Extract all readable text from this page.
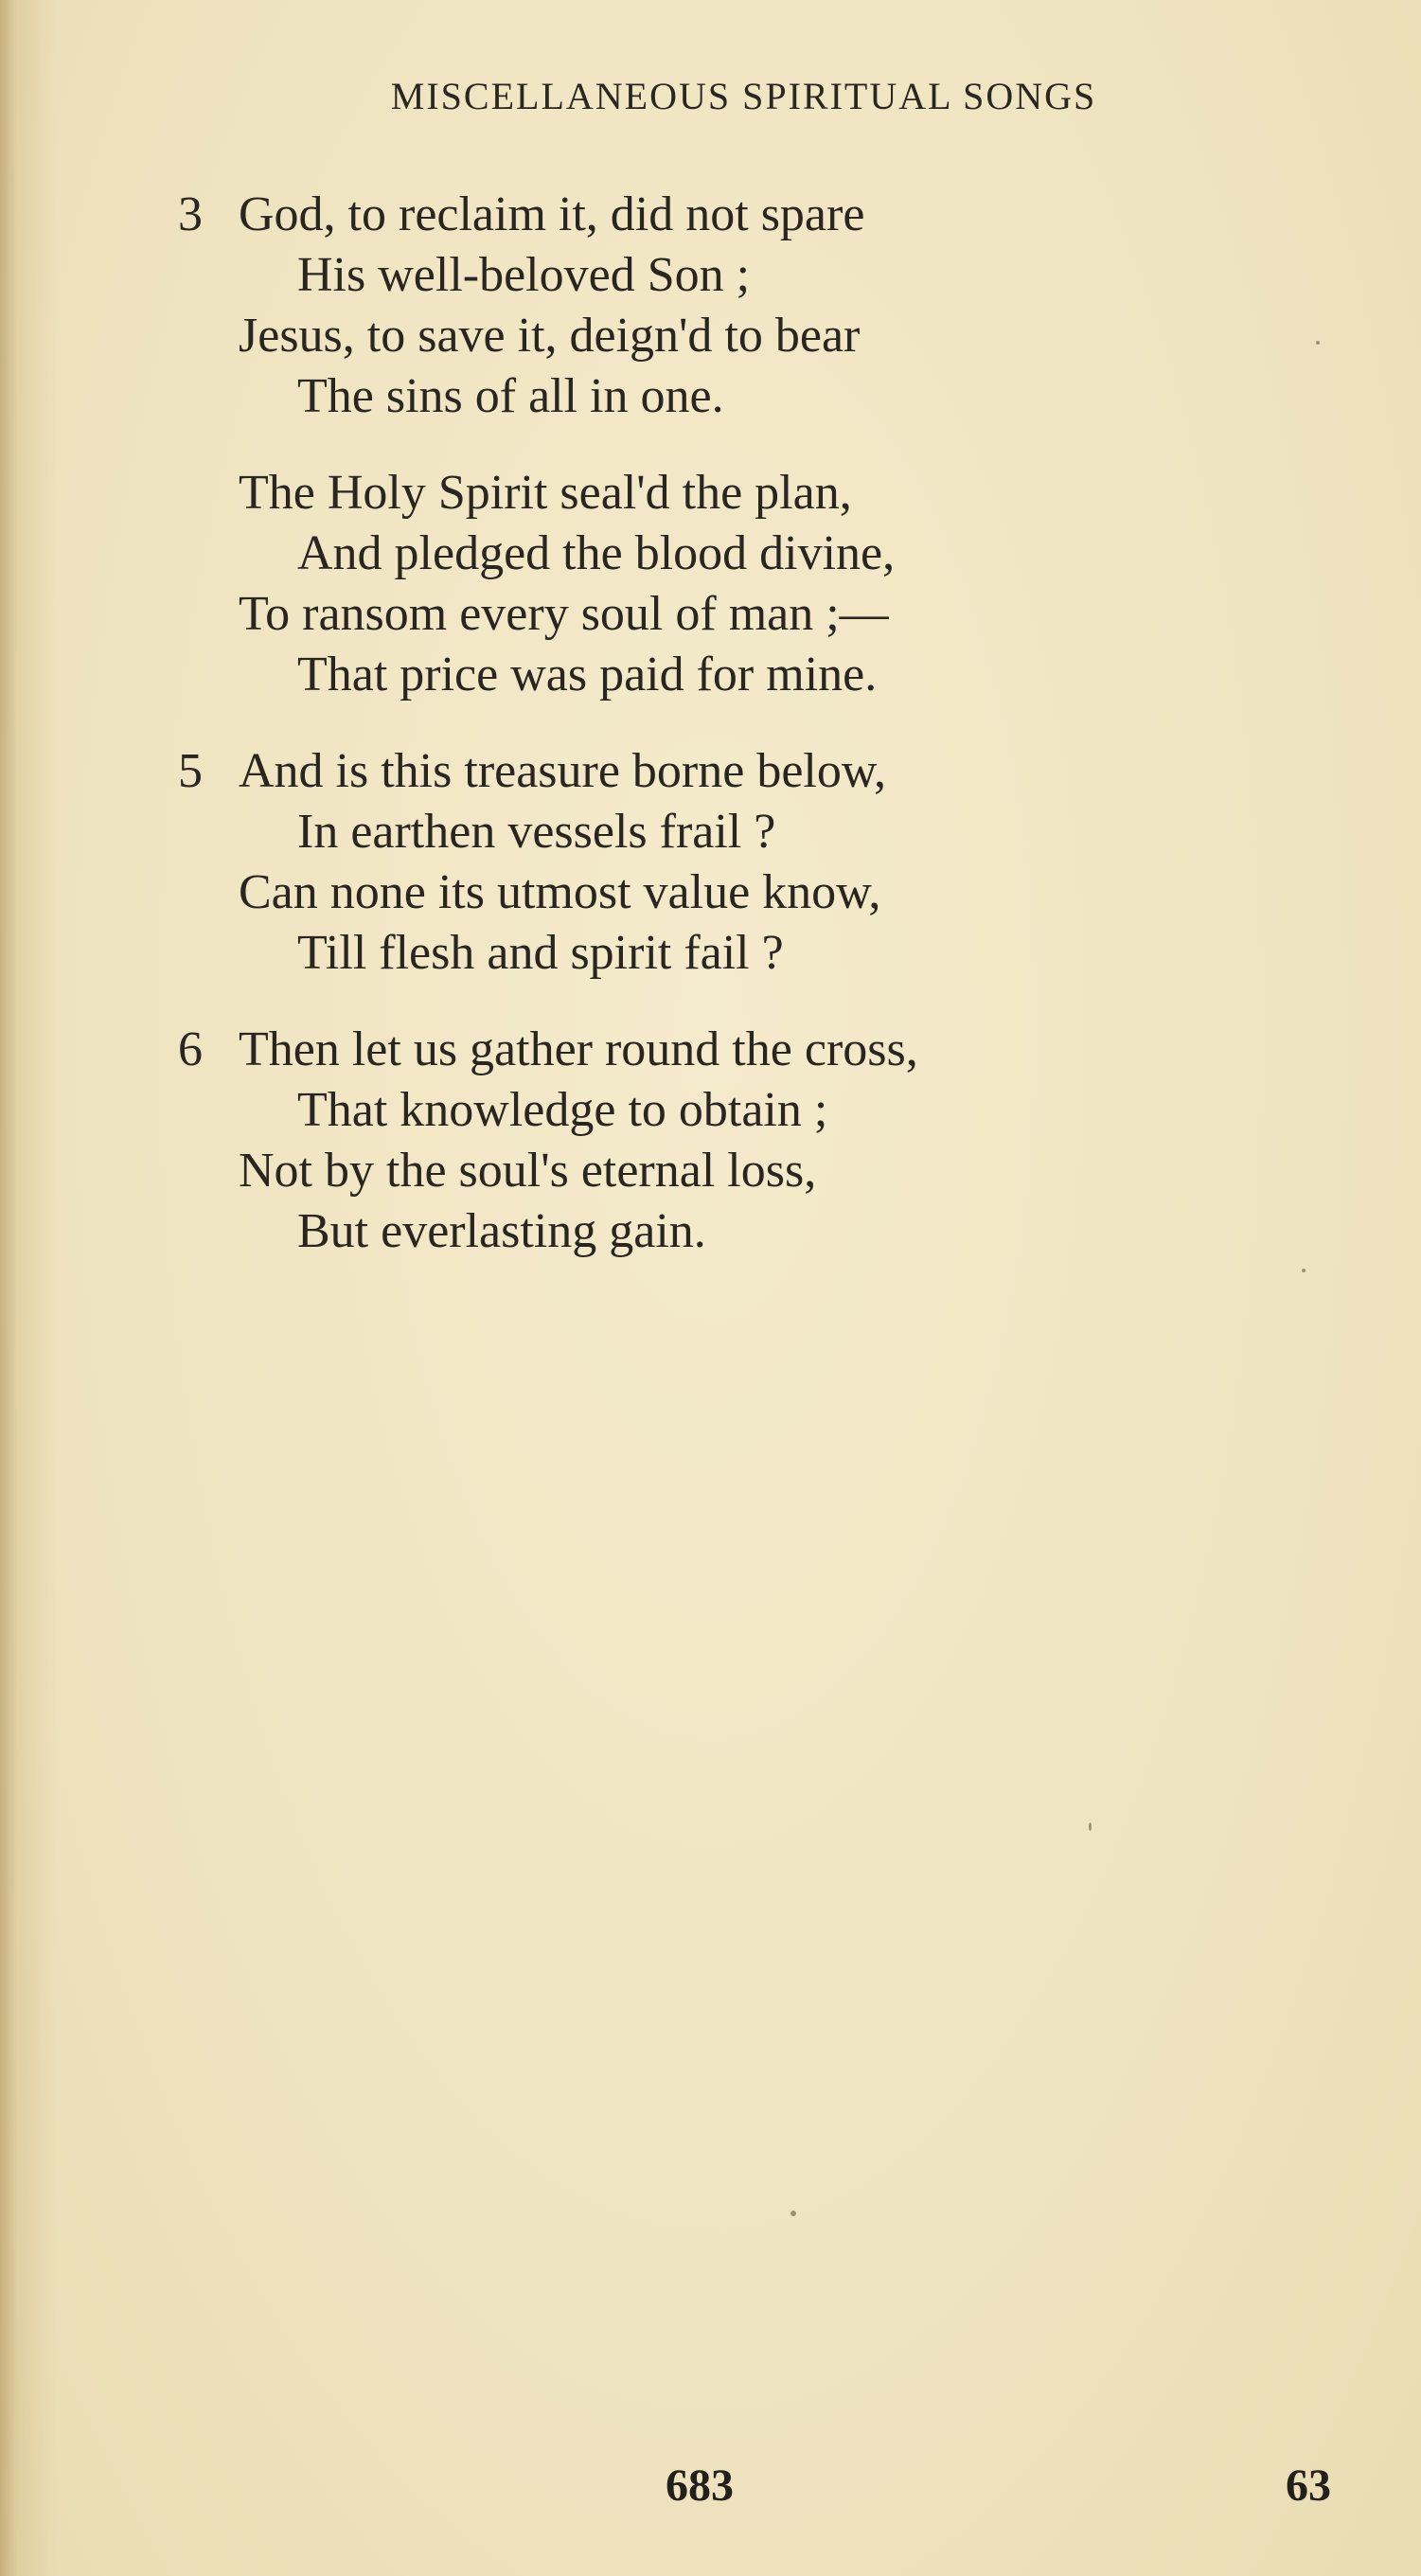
MISCELLANEOUS SPIRITUAL SONGS
3 God, to reclaim it, did not spare
His well-beloved Son ;
Jesus, to save it, deign'd to bear
The sins of all in one.
The Holy Spirit seal'd the plan,
And pledged the blood divine,
To ransom every soul of man ;—
That price was paid for mine.
5 And is this treasure borne below,
In earthen vessels frail ?
Can none its utmost value know,
Till flesh and spirit fail ?
6 Then let us gather round the cross,
That knowledge to obtain ;
Not by the soul's eternal loss,
But everlasting gain.
683	63
